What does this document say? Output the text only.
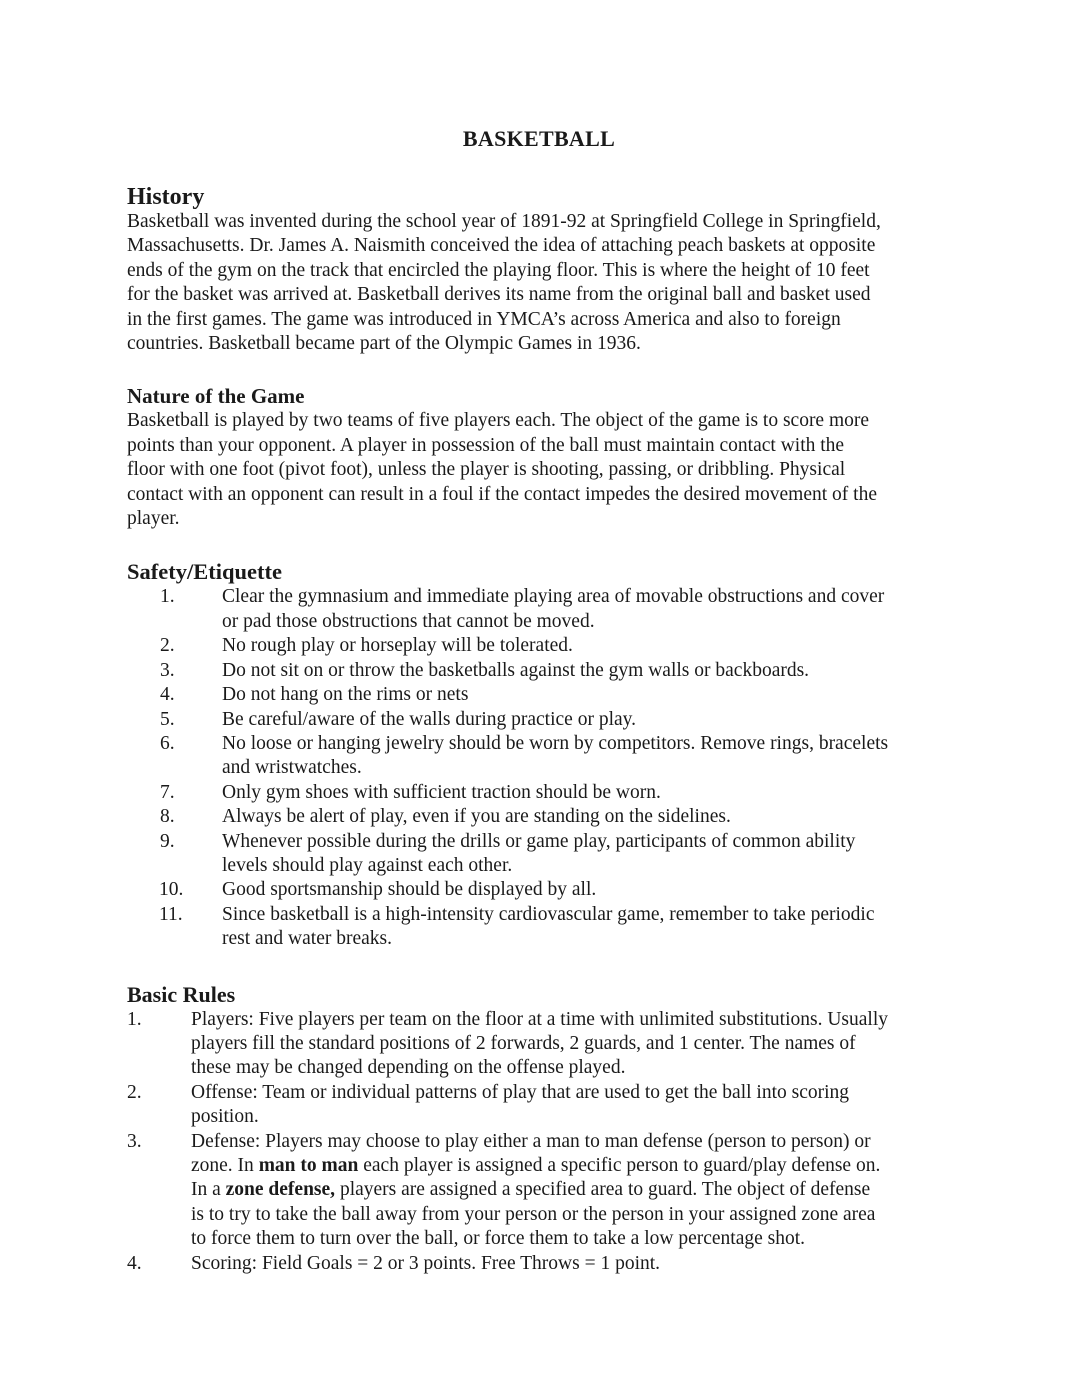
BASKETBALL
History

Basketball was invented during the school year of 1891-92 at Springfield College in Springfield,
Massachusetts. Dr. James A. Naismith conceived the idea of attaching peach baskets at opposite
ends of the gym on the track that encircled the playing floor. This is where the height of 10 feet
for the basket was arrived at. Basketball derives its name from the original ball and basket used
in the first games. The game was introduced in YMCA’s across America and also to foreign
countries. Basketball became part of the Olympic Games in 1936.

Nature of the Game

Basketball is played by two teams of five players each. The object of the game is to score more
points than your opponent. A player in possession of the ball must maintain contact with the
floor with one foot (pivot foot), unless the player is shooting, passing, or dribbling. Physical
contact with an opponent can result in a foul if the contact impedes the desired movement of the
player.

Safety/Etiquette
1.	Clear the gymnasium and immediate playing area of movable obstructions and cover
or pad those obstructions that cannot be moved.
2.	No rough play or horseplay will be tolerated.
3.	Do not sit on or throw the basketballs against the gym walls or backboards.
4.	Do not hang on the rims or nets
5.	Be careful/aware of the walls during practice or play.
6.	No loose or hanging jewelry should be worn by competitors. Remove rings, bracelets
and wristwatches.
7.	Only gym shoes with sufficient traction should be worn.
8.	Always be alert of play, even if you are standing on the sidelines.
9.	Whenever possible during the drills or game play, participants of common ability
levels should play against each other.
10.	Good sportsmanship should be displayed by all.
11.	Since basketball is a high-intensity cardiovascular game, remember to take periodic
rest and water breaks.
Basic Rules
1.	Players: Five players per team on the floor at a time with unlimited substitutions. Usually
players fill the standard positions of 2 forwards, 2 guards, and 1 center. The names of
these may be changed depending on the offense played.
2.	Offense: Team or individual patterns of play that are used to get the ball into scoring
position.
3.	Defense: Players may choose to play either a man to man defense (person to person) or
zone. In man to man each player is assigned a specific person to guard/play defense on.
In a zone defense, players are assigned a specified area to guard. The object of defense
is to try to take the ball away from your person or the person in your assigned zone area
to force them to turn over the ball, or force them to take a low percentage shot.
4.	Scoring: Field Goals = 2 or 3 points. Free Throws = 1 point.
